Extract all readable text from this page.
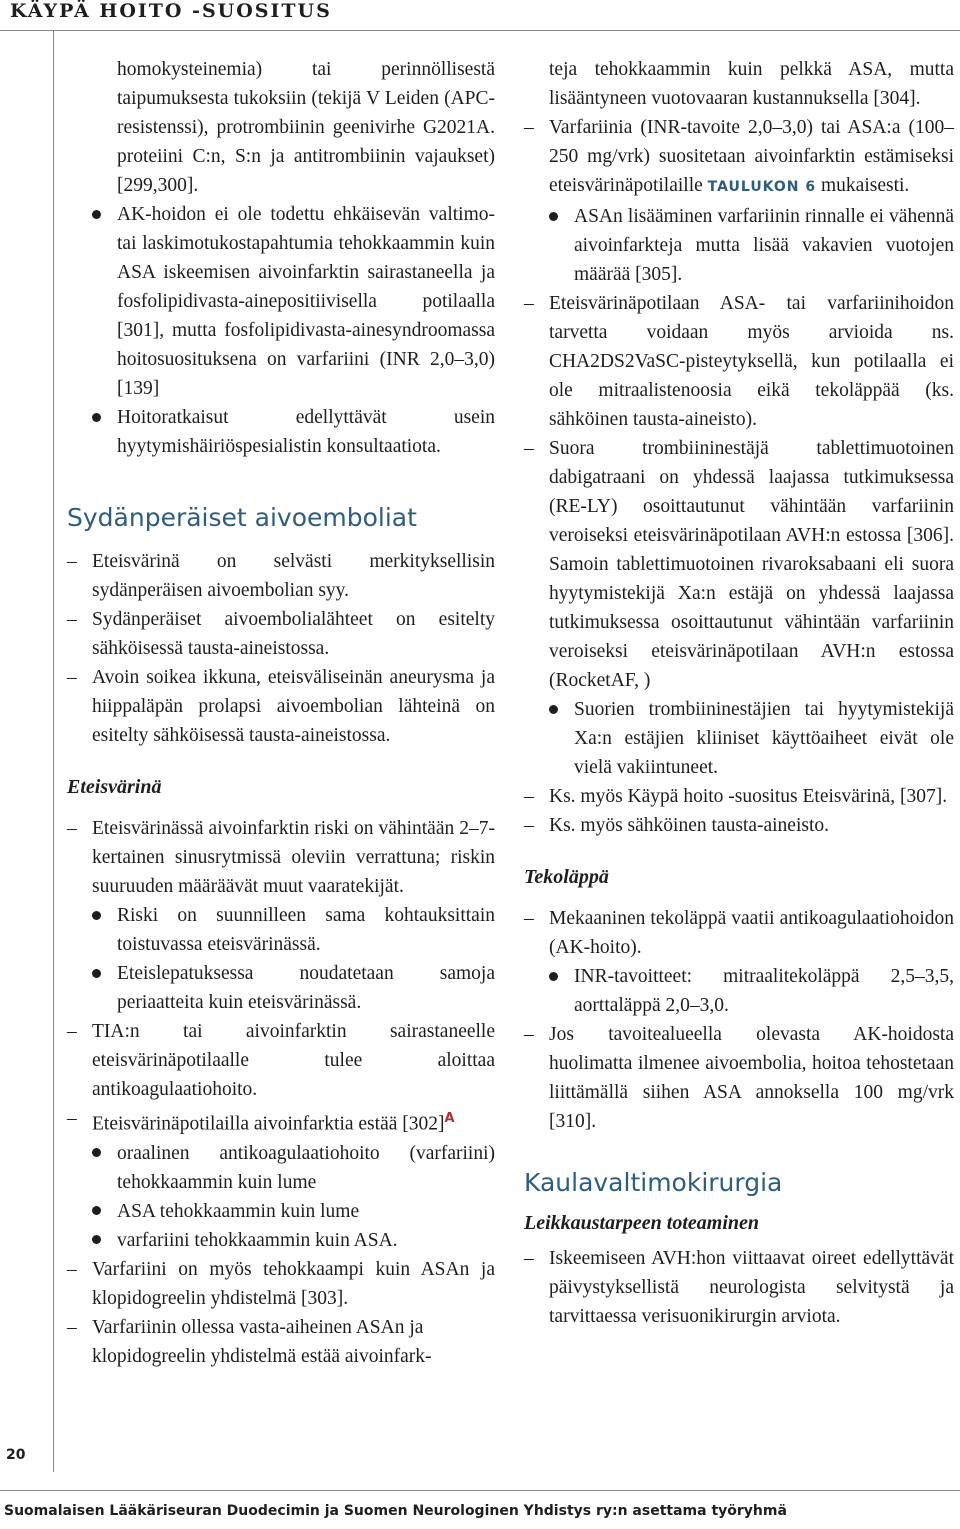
KÄYPÄ HOITO -SUOSITUS
homokysteinemia) tai perinnöllisestä taipumuksesta tukoksiin (tekijä V Leiden (APC-resistenssi), protrombiinin geenivirhe G2021A. proteiini C:n, S:n ja antitrombiinin vajaukset) [299,300].
AK-hoidon ei ole todettu ehkäisevän valtimo- tai laskimotukostapahtumia tehokkaammin kuin ASA iskeemisen aivoinfarktin sairastaneella ja fosfolipidivasta-ainepositiivisella potilaalla [301], mutta fosfolipidivasta-ainesyndroomassa hoitosuosituksena on varfariini (INR 2,0–3,0) [139]
Hoitoratkaisut edellyttävät usein hyytymishäiriöspesialistin konsultaatiota.
Sydänperäiset aivoemboliat
– Eteisvärinä on selvästi merkityksellisin sydänperäisen aivoembolian syy.
– Sydänperäiset aivoembolialähteet on esitelty sähköisessä tausta-aineistossa.
– Avoin soikea ikkuna, eteisväliseinän aneurysma ja hiippaläpän prolapsi aivoembolian lähteinä on esitelty sähköisessä tausta-aineistossa.
Eteisvärinä
– Eteisvärinässä aivoinfarktin riski on vähintään 2–7-kertainen sinusrytmissä oleviin verrattuna; riskin suuruuden määräävät muut vaaratekijät.
Riski on suunnilleen sama kohtauksittain toistuvassa eteisvärinässä.
Eteislepatuksessa noudatetaan samoja periaatteita kuin eteisvärinässä.
– TIA:n tai aivoinfarktin sairastaneelle eteisvärinäpotilaalle tulee aloittaa antikoagulaatiohoito.
– Eteisvärinäpotilailla aivoinfarktia estää $[302]^A$
oraalinen antikoagulaatiohoito (varfariini) tehokkaammin kuin lume
ASA tehokkaammin kuin lume
varfariini tehokkaammin kuin ASA.
– Varfariini on myös tehokkaampi kuin ASAn ja klopidogreelin yhdistelmä [303].
– Varfariinin ollessa vasta-aiheinen ASAn ja klopidogreelin yhdistelmä estää aivoinfark-
teja tehokkaammin kuin pelkkä ASA, mutta lisääntyneen vuotovaaran kustannuksella [304].
– Varfariinia (INR-tavoite 2,0–3,0) tai ASA:a (100–250 mg/vrk) suositetaan aivoinfarktin estämiseksi eteisvärinäpotilaille TAULUKON 6 mukaisesti.
ASAn lisääminen varfariinin rinnalle ei vähennä aivoinfarkteja mutta lisää vakavien vuotojen määrää [305].
– Eteisvärinäpotilaan ASA- tai varfariinihoidon tarvetta voidaan myös arvioida ns. CHA2DS2VaSC-pisteytyksellä, kun potilaalla ei ole mitraalistenoosia eikä tekoläppää (ks. sähköinen tausta-aineisto).
– Suora trombiininestäjä tablettimuotoinen dabigatraani on yhdessä laajassa tutkimuksessa (RE-LY) osoittautunut vähintään varfariinin veroiseksi eteisvärinäpotilaan AVH:n estossa [306]. Samoin tablettimuotoinen rivaroksabaani eli suora hyytymistekijä Xa:n estäjä on yhdessä laajassa tutkimuksessa osoittautunut vähintään varfariinin veroiseksi eteisvärinäpotilaan AVH:n estossa (RocketAF, )
Suorien trombiininestäjien tai hyytymistekijä Xa:n estäjien kliiniset käyttöaiheet eivät ole vielä vakiintuneet.
– Ks. myös Käypä hoito -suositus Eteisvärinä, [307].
– Ks. myös sähköinen tausta-aineisto.
Tekoläppä
– Mekaaninen tekoläppä vaatii antikoagulaatiohoidon (AK-hoito).
INR-tavoitteet: mitraalitekoläppä 2,5–3,5, aorttaläppä 2,0–3,0.
– Jos tavoitealueella olevasta AK-hoidosta huolimatta ilmenee aivoembolia, hoitoa tehostetaan liittämällä siihen ASA annoksella 100 mg/vrk [310].
Kaulavaltimokirurgia
Leikkaustarpeen toteaminen
– Iskeemiseen AVH:hon viittaavat oireet edellyttävät päivystyksellistä neurologista selvitystä ja tarvittaessa verisuonikirurgin arviota.
20
Suomalaisen Lääkäriseuran Duodecimin ja Suomen Neurologinen Yhdistys ry:n asettama työryhmä
